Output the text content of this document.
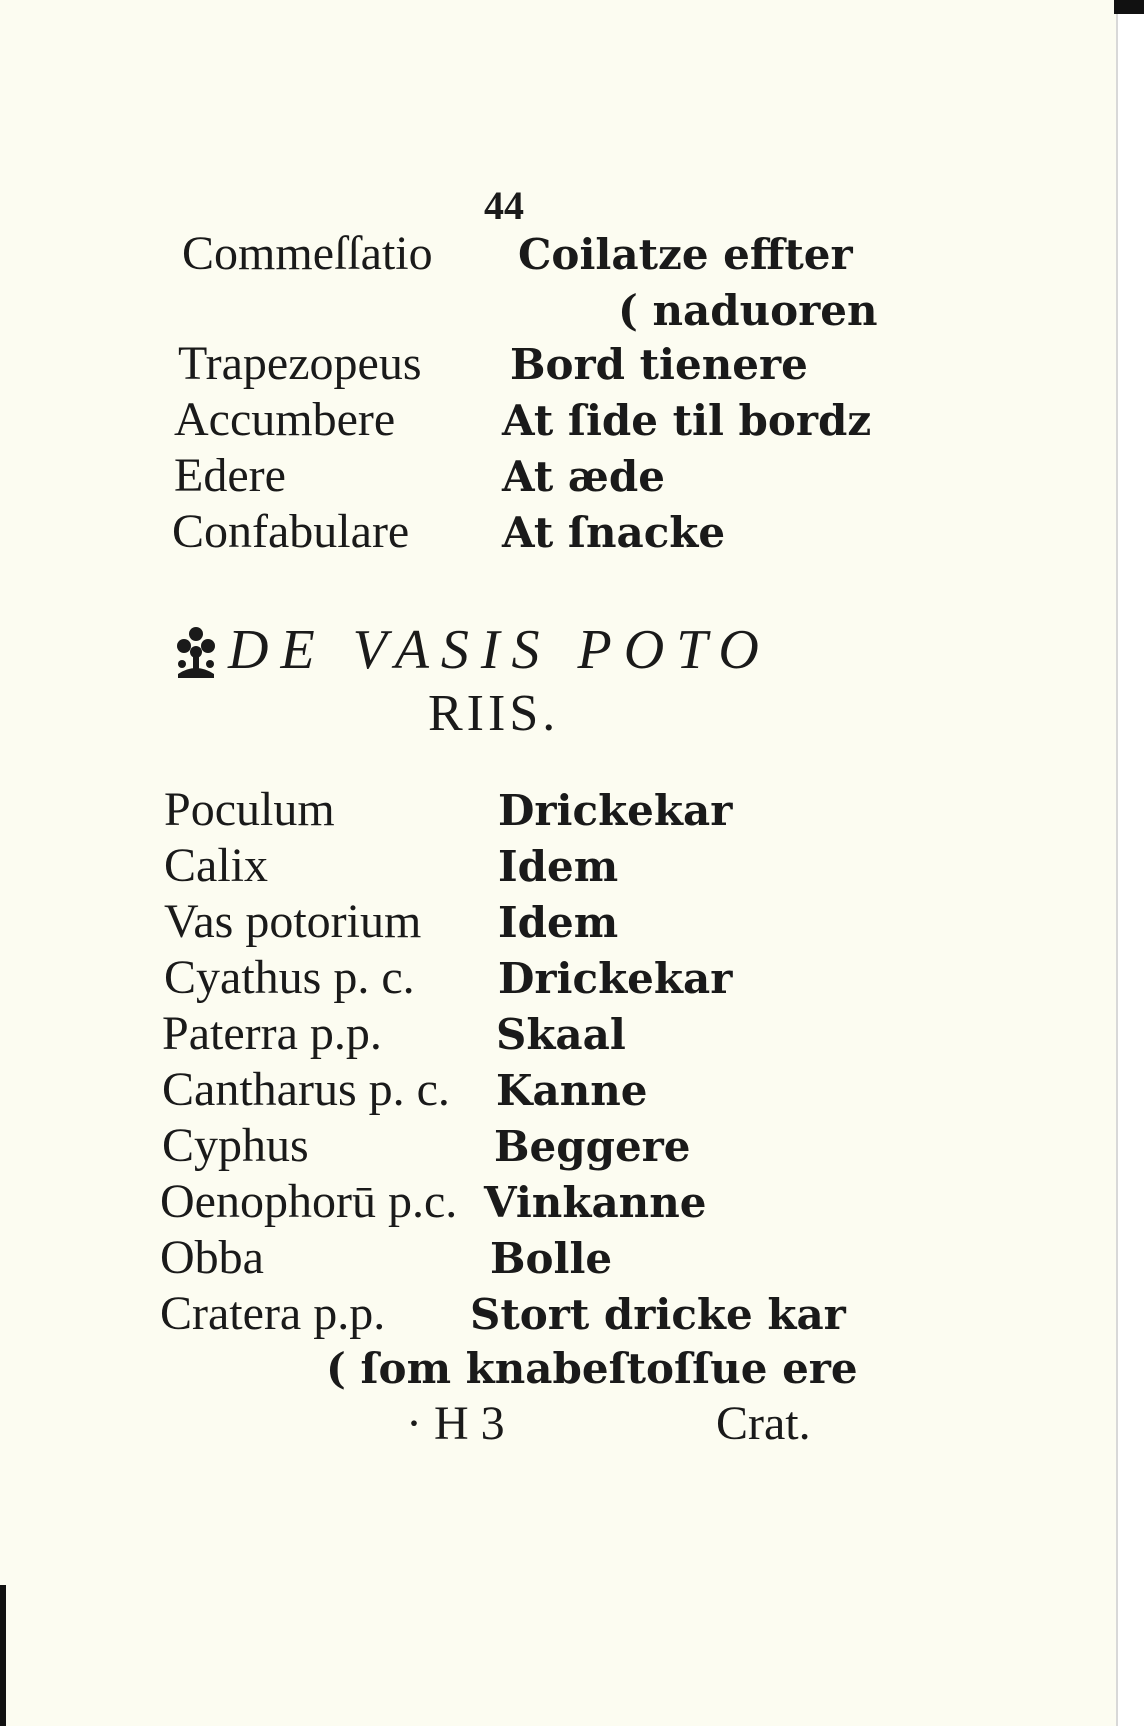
44
Commeſſatio Coilatze effter
( naduoren
Trapezopeus Bord tienere
Accumbere	At ſide til bordz
Edere	At æde
Confabulare At ſnacke
DE VASIS POTO
RIIS.
Poculum	Drickekar
Calix	Idem
Vas potorium Idem
Cyathus p. c. Drickekar
Paterra p.p.	Skaal
Cantharus p. c. Kanne
Cyphus	Beggere
Oenophorū p.c. Vinkanne
Obba	Bolle
Cratera p.p. Stort dricke kar
( ſom knabeſtoſſue ere
· H 3	Crat.
